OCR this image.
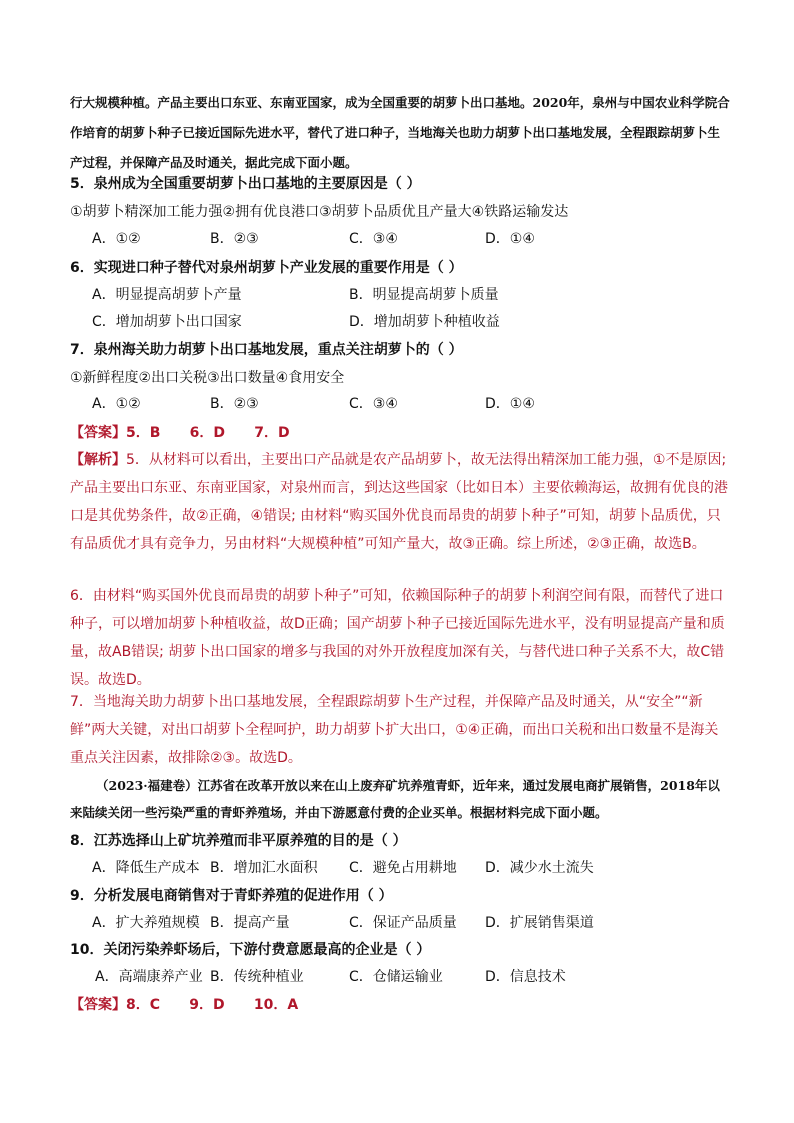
行大规模种植。产品主要出口东亚、东南亚国家，成为全国重要的胡萝卜出口基地。2020年，泉州与中国农业科学院合作培育的胡萝卜种子已接近国际先进水平，替代了进口种子，当地海关也助力胡萝卜出口基地发展，全程跟踪胡萝卜生产过程，并保障产品及时通关，据此完成下面小题。
5．泉州成为全国重要胡萝卜出口基地的主要原因是（ ）
①胡萝卜精深加工能力强②拥有优良港口③胡萝卜品质优且产量大④铁路运输发达
A．①②	B．②③	C．③④	D．①④
6．实现进口种子替代对泉州胡萝卜产业发展的重要作用是（ ）
A．明显提高胡萝卜产量	B．明显提高胡萝卜质量
C．增加胡萝卜出口国家	D．增加胡萝卜种植收益
7．泉州海关助力胡萝卜出口基地发展，重点关注胡萝卜的（ ）
①新鲜程度②出口关税③出口数量④食用安全
A．①②	B．②③	C．③④	D．①④
【答案】5．B      6．D      7．D
【解析】5．从材料可以看出，主要出口产品就是农产品胡萝卜，故无法得出精深加工能力强，①不是原因;产品主要出口东亚、东南亚国家，对泉州而言，到达这些国家（比如日本）主要依赖海运，故拥有优良的港口是其优势条件，故②正确，④错误; 由材料“购买国外优良而昂贵的胡萝卜种子”可知，胡萝卜品质优，只有品质优才具有竞争力，另由材料“大规模种植”可知产量大，故③正确。综上所述，②③正确，故选B。
6．由材料“购买国外优良而昂贵的胡萝卜种子”可知，依赖国际种子的胡萝卜利润空间有限，而替代了进口种子，可以增加胡萝卜种植收益，故D正确；国产胡萝卜种子已接近国际先进水平，没有明显提高产量和质量，故AB错误; 胡萝卜出口国家的增多与我国的对外开放程度加深有关，与替代进口种子关系不大，故C错误。故选D。
7．当地海关助力胡萝卜出口基地发展，全程跟踪胡萝卜生产过程，并保障产品及时通关，从“安全”“新鲜”两大关键，对出口胡萝卜全程呵护，助力胡萝卜扩大出口，①④正确，而出口关税和出口数量不是海关重点关注因素，故排除②③。故选D。
（2023·福建卷）江苏省在改革开放以来在山上废弃矿坑养殖青虾，近年来，通过发展电商扩展销售，2018年以来陆续关闭一些污染严重的青虾养殖场，并由下游愿意付费的企业买单。根据材料完成下面小题。
8．江苏选择山上矿坑养殖而非平原养殖的目的是（ ）
A．降低生产成本 B．增加汇水面积 C．避免占用耕地 D．减少水土流失
9．分析发展电商销售对于青虾养殖的促进作用（ ）
A．扩大养殖规模 B．提高产量	C．保证产品质量 D．扩展销售渠道
10．关闭污染养虾场后，下游付费意愿最高的企业是（ ）
A．高端康养产业 B．传统种植业	C．仓储运输业	D．信息技术
【答案】8．C      9．D      10．A
